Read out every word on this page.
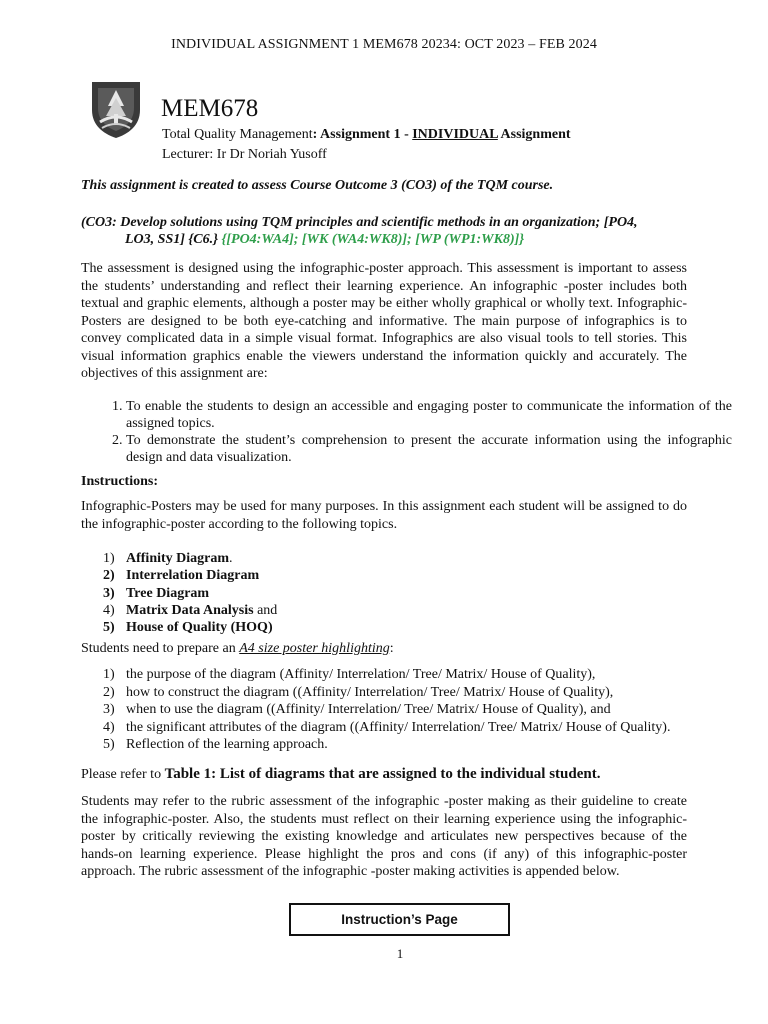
INDIVIDUAL ASSIGNMENT 1 MEM678 20234: OCT 2023 – FEB 2024
MEM678
Total Quality Management: Assignment 1 - INDIVIDUAL Assignment
Lecturer: Ir Dr Noriah Yusoff
This assignment is created to assess Course Outcome 3 (CO3) of the TQM course.
(CO3: Develop solutions using TQM principles and scientific methods in an organization; [PO4,
LO3, SS1] {C6.} {[PO4:WA4]; [WK (WA4:WK8)]; [WP (WP1:WK8)]}
The assessment is designed using the infographic-poster approach. This assessment is important to assess the students’ understanding and reflect their learning experience. An infographic -poster includes both textual and graphic elements, although a poster may be either wholly graphical or wholly text. Infographic-Posters are designed to be both eye-catching and informative. The main purpose of infographics is to convey complicated data in a simple visual format. Infographics are also visual tools to tell stories. This visual information graphics enable the viewers understand the information quickly and accurately. The objectives of this assignment are:
1. To enable the students to design an accessible and engaging poster to communicate the information of the assigned topics.
2. To demonstrate the student’s comprehension to present the accurate information using the infographic design and data visualization.
Instructions:
Infographic-Posters may be used for many purposes. In this assignment each student will be assigned to do the infographic-poster according to the following topics.
1) Affinity Diagram .
2) Interrelation Diagram
3) Tree Diagram
4) Matrix Data Analysis and
5) House of Quality (HOQ)
Students need to prepare an A4 size poster highlighting:
1) the purpose of the diagram (Affinity/ Interrelation/ Tree/ Matrix/ House of Quality),
2) how to construct the diagram ((Affinity/ Interrelation/ Tree/ Matrix/ House of Quality),
3) when to use the diagram ((Affinity/ Interrelation/ Tree/ Matrix/ House of Quality), and
4) the significant attributes of the diagram ((Affinity/ Interrelation/ Tree/ Matrix/ House of Quality).
5) Reflection of the learning approach.
Please refer to Table 1: List of diagrams that are assigned to the individual student.
Students may refer to the rubric assessment of the infographic -poster making as their guideline to create the infographic-poster. Also, the students must reflect on their learning experience using the infographic-poster by critically reviewing the existing knowledge and articulates new perspectives because of the hands-on learning experience. Please highlight the pros and cons (if any) of this infographic-poster approach. The rubric assessment of the infographic -poster making activities is appended below.
Instruction’s Page
1
